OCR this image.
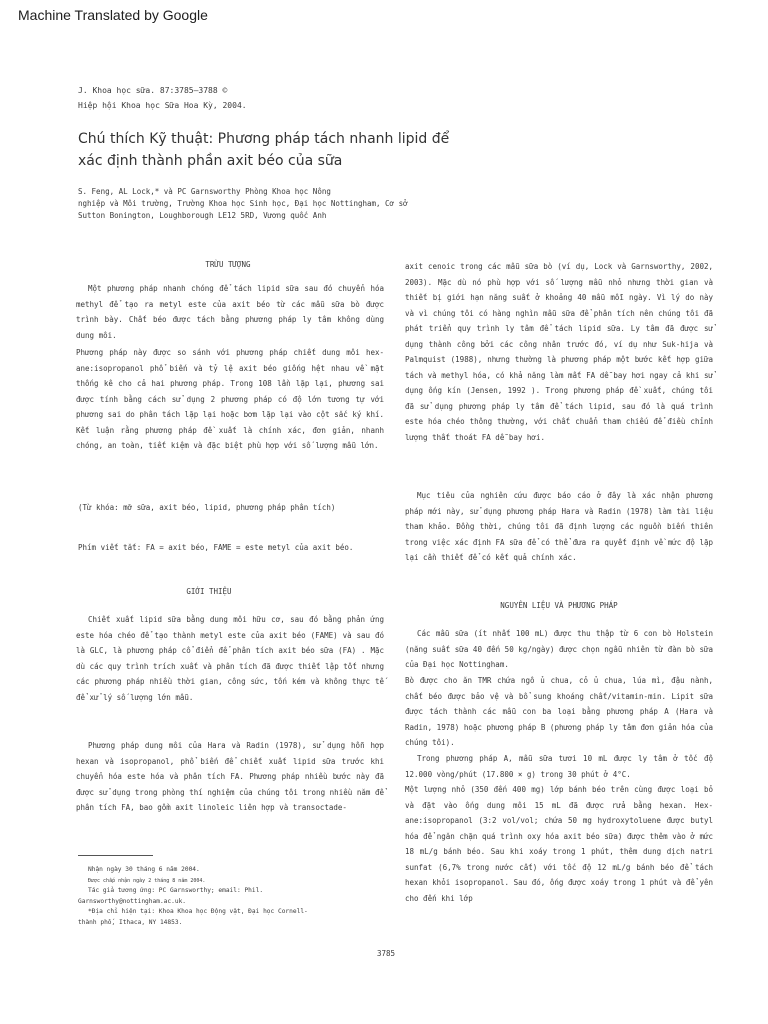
Machine Translated by Google
J. Khoa học sữa. 87:3785–3788 ©
Hiệp hội Khoa học Sữa Hoa Kỳ, 2004.
Chú thích Kỹ thuật: Phương pháp tách nhanh lipid để
xác định thành phần axit béo của sữa
S. Feng, AL Lock,* và PC Garnsworthy Phòng Khoa học Nông
nghiệp và Môi trường, Trường Khoa học Sinh học, Đại học Nottingham, Cơ sở
Sutton Bonington, Loughborough LE12 5RD, Vương quốc Anh
TRỪU TƯỢNG
Một phương pháp nhanh chóng để tách lipid sữa sau đó chuyển hóa methyl để tạo ra metyl este của axit béo từ các mẫu sữa bò được trình bày. Chất béo được tách bằng phương pháp ly tâm không dùng dung môi.
Phương pháp này được so sánh với phương pháp chiết dung môi hex-ane:isopropanol phổ biến và tỷ lệ axit béo giống hệt nhau về mặt thống kê cho cả hai phương pháp. Trong 108 lần lặp lại, phương sai được tính bằng cách sử dụng 2 phương pháp có độ lớn tương tự với phương sai do phân tách lặp lại hoặc bơm lặp lại vào cột sắc ký khí. Kết luận rằng phương pháp đề xuất là chính xác, đơn giản, nhanh chóng, an toàn, tiết kiệm và đặc biệt phù hợp với số lượng mẫu lớn.
(Từ khóa: mỡ sữa, axit béo, lipid, phương pháp phân tích)
Phím viết tắt: FA = axit béo, FAME = este metyl của axit béo.
GIỚI THIỆU
Chiết xuất lipid sữa bằng dung môi hữu cơ, sau đó bằng phản ứng este hóa chéo để tạo thành metyl este của axit béo (FAME) và sau đó là GLC, là phương pháp cổ điển để phân tích axit béo sữa (FA) . Mặc dù các quy trình trích xuất và phân tích đã được thiết lập tốt nhưng các phương pháp nhiều thời gian, công sức, tốn kém và không thực tế để xử lý số lượng lớn mẫu.
Phương pháp dung môi của Hara và Radin (1978), sử dụng hỗn hợp hexan và isopropanol, phổ biến để chiết xuất lipid sữa trước khi chuyển hóa este hóa và phân tích FA. Phương pháp nhiều bước này đã được sử dụng trong phòng thí nghiệm của chúng tôi trong nhiều năm để phân tích FA, bao gồm axit linoleic liên hợp và transoctade-
Nhận ngày 30 tháng 6 năm 2004.
Được chấp nhận ngày 2 tháng 8 năm 2004.
Tác giả tương ứng: PC Garnsworthy; email: Phil.
Garnsworthy@nottingham.ac.uk.
*Địa chỉ hiện tại: Khoa Khoa học Động vật, Đại học Cornell-
thành phố, Ithaca, NY 14853.
axit cenoic trong các mẫu sữa bò (ví dụ, Lock và Garnsworthy, 2002, 2003). Mặc dù nó phù hợp với số lượng mẫu nhỏ nhưng thời gian và thiết bị giới hạn năng suất ở khoảng 40 mẫu mỗi ngày. Vì lý do này và vì chúng tôi có hàng nghìn mẫu sữa để phân tích nên chúng tôi đã phát triển quy trình ly tâm để tách lipid sữa. Ly tâm đã được sử dụng thành công bởi các công nhân trước đó, ví dụ như Suk-hija và Palmquist (1988), nhưng thường là phương pháp một bước kết hợp giữa tách và methyl hóa, có khả năng làm mất FA dễ bay hơi ngay cả khi sử dụng ống kín (Jensen, 1992 ). Trong phương pháp đề xuất, chúng tôi đã sử dụng phương pháp ly tâm để tách lipid, sau đó là quá trình este hóa chéo thông thường, với chất chuẩn tham chiếu để điều chỉnh lượng thất thoát FA dễ bay hơi.
Mục tiêu của nghiên cứu được báo cáo ở đây là xác nhận phương pháp mới này, sử dụng phương pháp Hara và Radin (1978) làm tài liệu tham khảo. Đồng thời, chúng tôi đã định lượng các nguồn biến thiên trong việc xác định FA sữa để có thể đưa ra quyết định về mức độ lặp lại cần thiết để có kết quả chính xác.
NGUYÊN LIỆU VÀ PHƯƠNG PHÁP
Các mẫu sữa (ít nhất 100 mL) được thu thập từ 6 con bò Holstein (năng suất sữa 40 đến 50 kg/ngày) được chọn ngẫu nhiên từ đàn bò sữa của Đại học Nottingham.
Bò được cho ăn TMR chứa ngô ủ chua, cỏ ủ chua, lúa mì, đậu nành, chất béo được bảo vệ và bổ sung khoáng chất/vitamin-min. Lipit sữa được tách thành các mẫu con ba loại bằng phương pháp A (Hara và Radin, 1978) hoặc phương pháp B (phương pháp ly tâm đơn giản hóa của chúng tôi).
Trong phương pháp A, mẫu sữa tươi 10 mL được ly tâm ở tốc độ 12.000 vòng/phút (17.800 × g) trong 30 phút ở 4°C.
Một lượng nhỏ (350 đến 400 mg) lớp bánh béo trên cùng được loại bỏ và đặt vào ống dung môi 15 mL đã được rửa bằng hexan. Hex-ane:isopropanol (3:2 vol/vol; chứa 50 mg hydroxytoluene được butyl hóa để ngăn chặn quá trình oxy hóa axit béo sữa) được thêm vào ở mức 18 mL/g bánh béo. Sau khi xoáy trong 1 phút, thêm dung dịch natri sunfat (6,7% trong nước cất) với tốc độ 12 mL/g bánh béo để tách hexan khỏi isopropanol. Sau đó, ống được xoáy trong 1 phút và để yên cho đến khi lớp
3785
